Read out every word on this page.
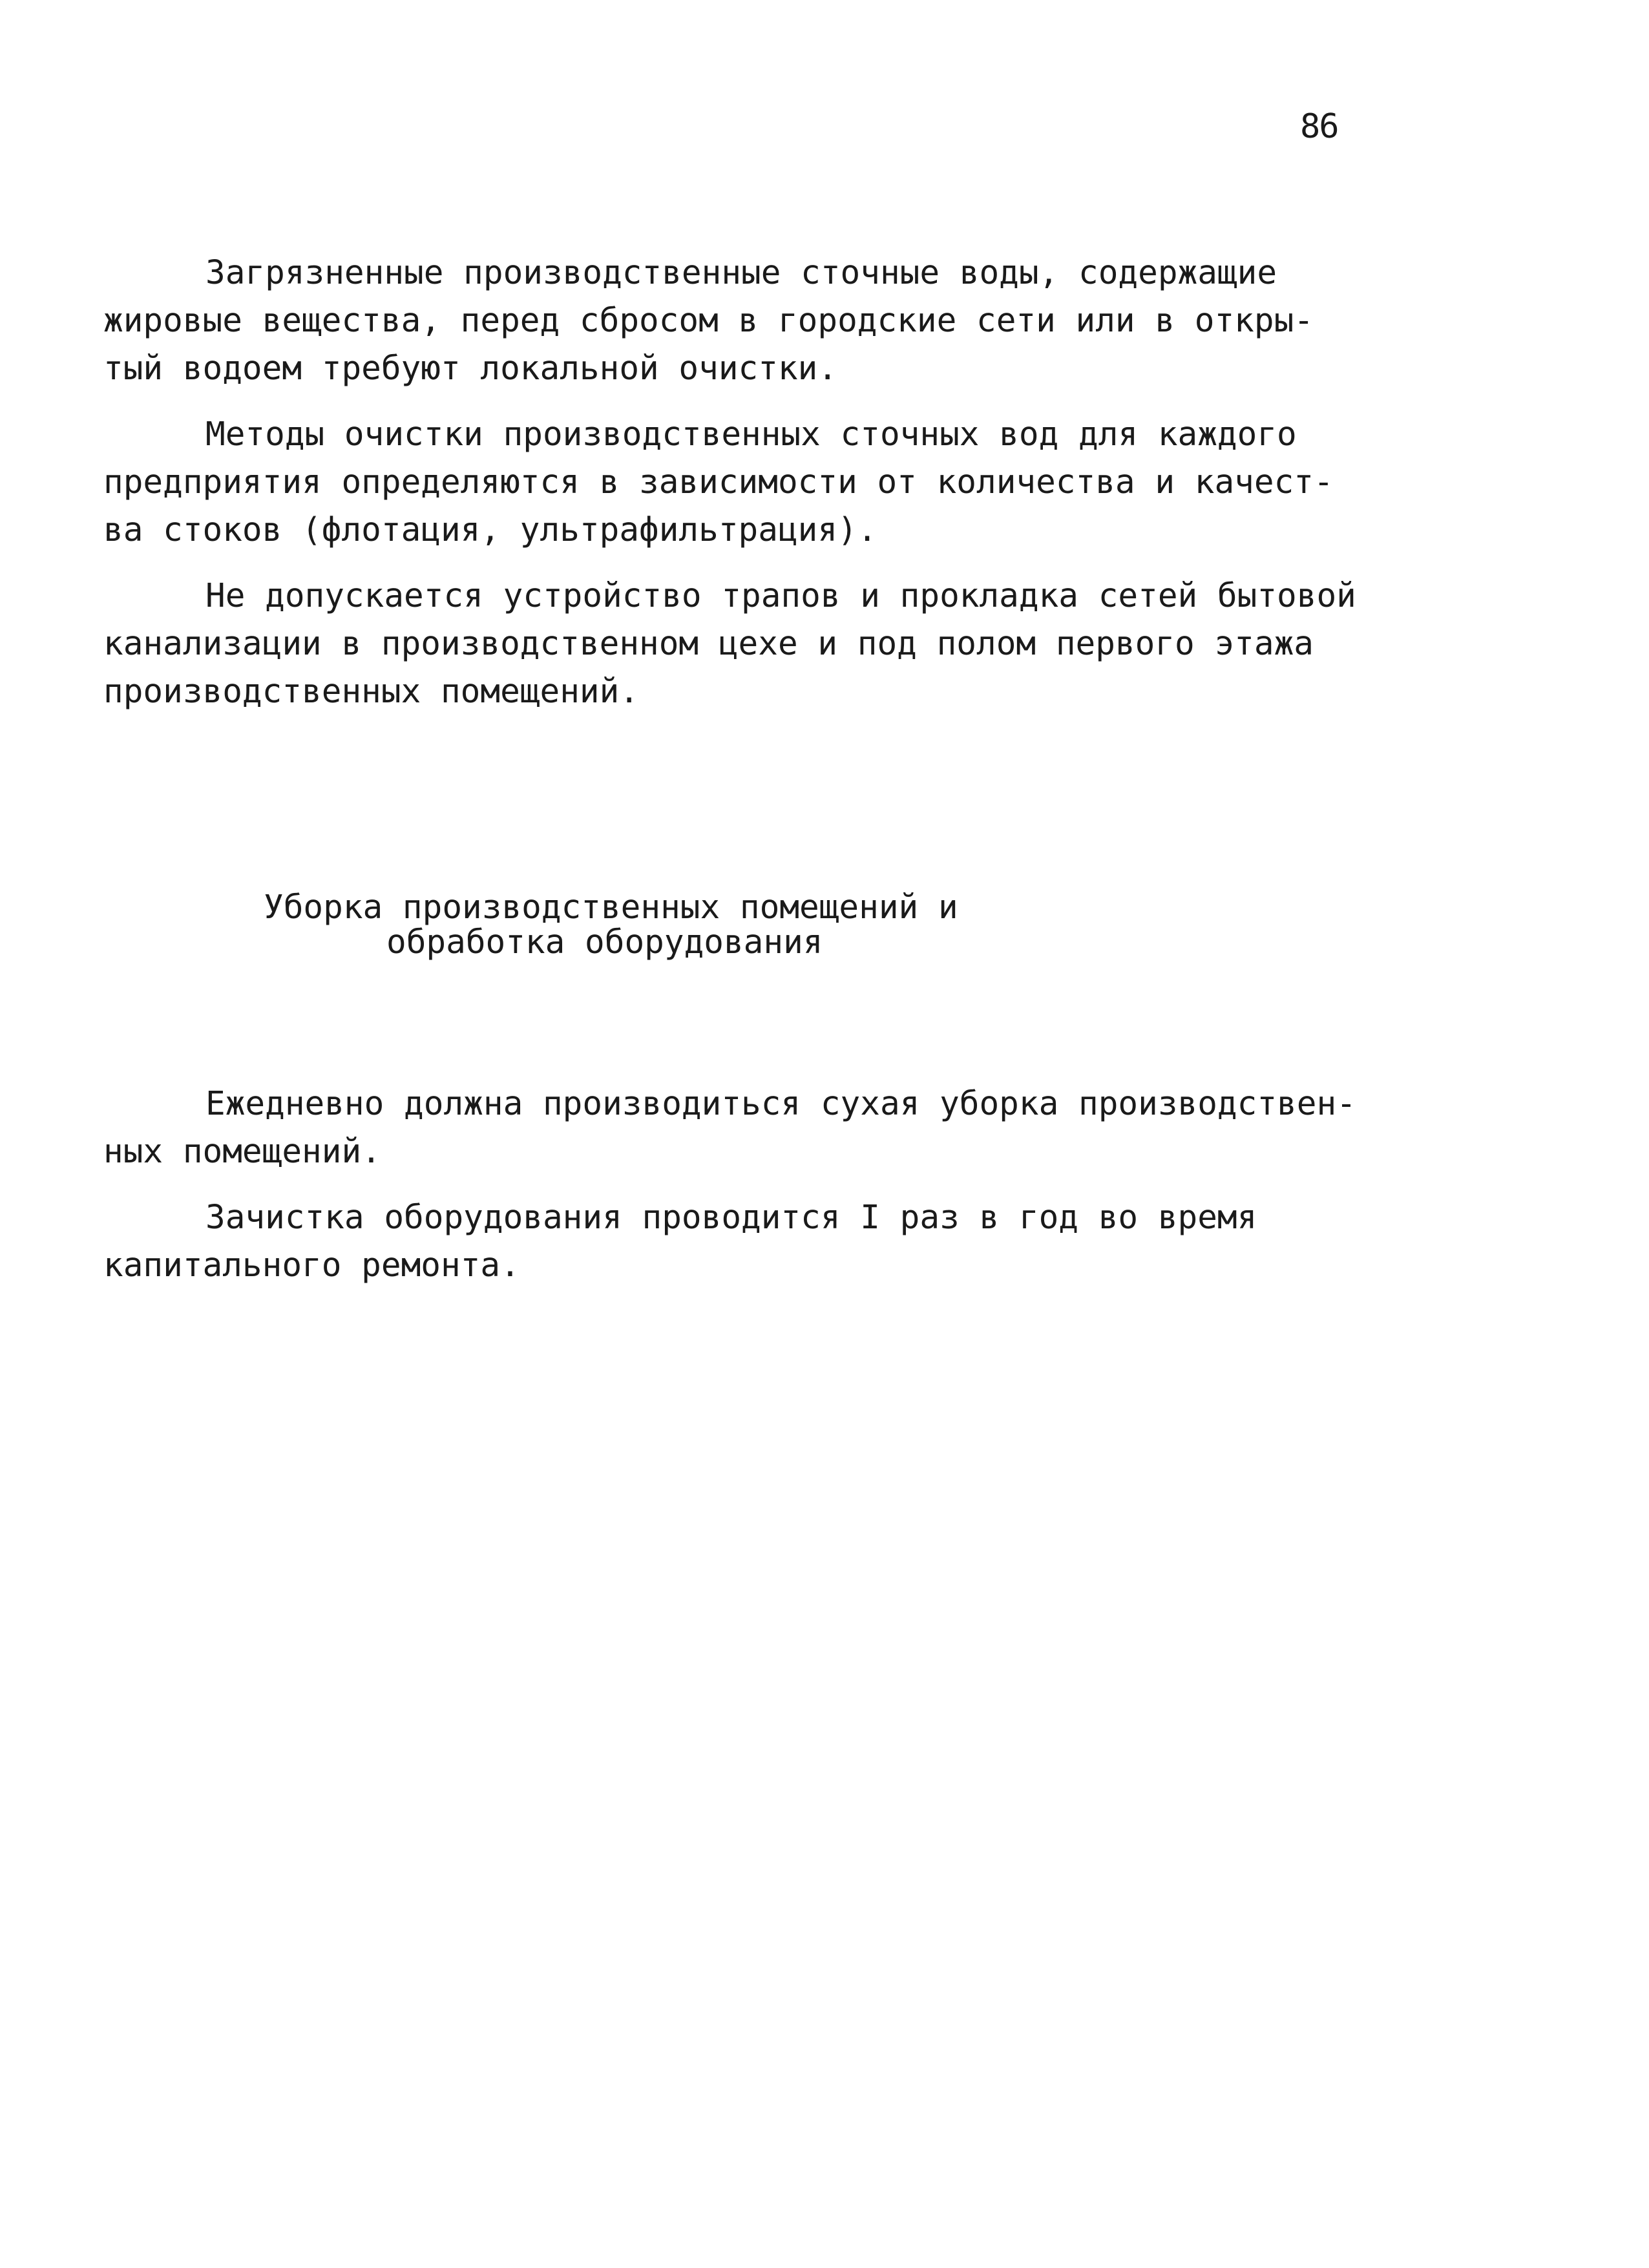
86
Загрязненные производственные сточные воды, содержащие
жировые вещества, перед сбросом в городские сети или в откры-
тый водоем требуют локальной очистки.
Методы очистки производственных сточных вод для каждого
предприятия определяются в зависимости от количества и качест-
ва стоков (флотация, ультрафильтрация).
Не допускается устройство трапов и прокладка сетей бытовой
канализации в производственном цехе и под полом первого этажа
производственных помещений.
Уборка производственных помещений и
обработка оборудования
Ежедневно должна производиться сухая уборка производствен-
ных помещений.
Зачистка оборудования проводится I раз в год во время
капитального ремонта.
